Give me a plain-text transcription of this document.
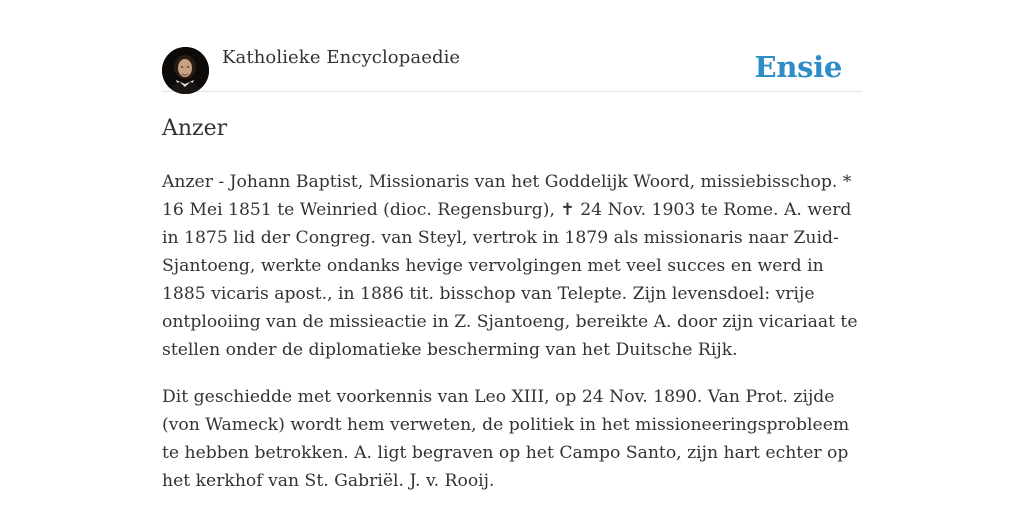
Katholieke Encyclopaedie	Ensie
Anzer

Anzer - Johann Baptist, Missionaris van het Goddelijk Woord, missiebisschop. * 16 Mei 1851 te Weinried (dioc. Regensburg), ✝ 24 Nov. 1903 te Rome. A. werd in 1875 lid der Congreg. van Steyl, vertrok in 1879 als missionaris naar Zuid-Sjantoeng, werkte ondanks hevige vervolgingen met veel succes en werd in 1885 vicaris apost., in 1886 tit. bisschop van Telepte. Zijn levensdoel: vrije ontplooiing van de missieactie in Z. Sjantoeng, bereikte A. door zijn vicariaat te stellen onder de diplomatieke bescherming van het Duitsche Rijk.

Dit geschiedde met voorkennis van Leo XIII, op 24 Nov. 1890. Van Prot. zijde (von Wameck) wordt hem verweten, de politiek in het missioneeringsprobleem te hebben betrokken. A. ligt begraven op het Campo Santo, zijn hart echter op het kerkhof van St. Gabriël. J. v. Rooij.
